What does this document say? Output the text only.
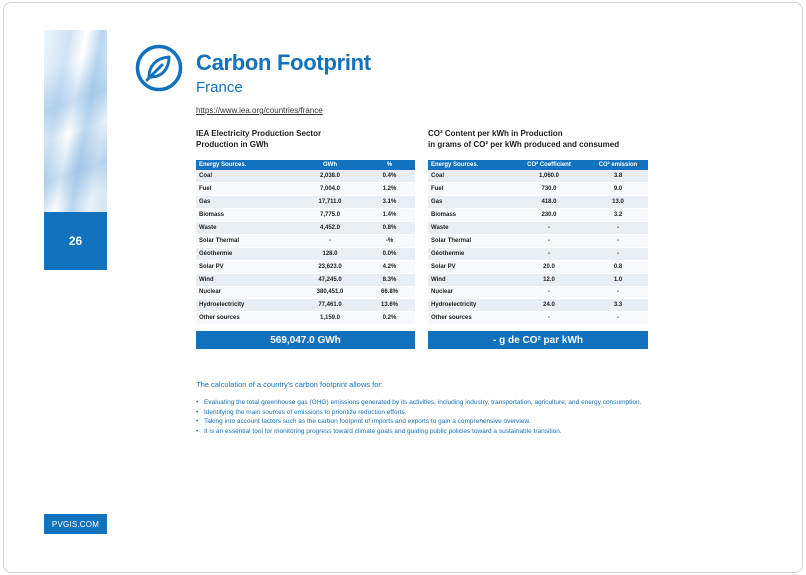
26
PVGIS.COM
Carbon Footprint
France
https://www.iea.org/countries/france
IEA Electricity Production Sector
Production in GWh
CO² Content per kWh in Production
in grams of CO² per kWh produced and consumed
Energy Sources.	GWh	%
Coal	2,038.0	0.4%
Fuel	7,004.0	1.2%
Gas	17,711.0	3.1%
Biomass	7,775.0	1.4%
Waste	4,452.0	0.8%
Solar Thermal	-	-%
Géothermie	128.0	0.0%
Solar PV	23,623.0	4.2%
Wind	47,245.0	8.3%
Nuclear	380,451.0	66.8%
Hydroelectricity	77,461.0	13.6%
Other sources	1,159.0	0.2%
Energy Sources.	CO² Coefficient	CO² emission
Coal	1,060.0	3.8
Fuel	730.0	9.0
Gas	418.0	13.0
Biomass	230.0	3.2
Waste	-	-
Solar Thermal	-	-
Géothermie	-	-
Solar PV	20.0	0.8
Wind	12.0	1.0
Nuclear	-	-
Hydroelectricity	24.0	3.3
Other sources	-	-
569,047.0 GWh	- g de CO² par kWh
The calculation of a country's carbon footprint allows for:
• Evaluating the total greenhouse gas (GHG) emissions generated by its activities, including industry, transportation, agriculture, and energy consumption.
• Identifying the main sources of emissions to prioritize reduction efforts.
• Taking into account factors such as the carbon footprint of imports and exports to gain a comprehensive overview.
• It is an essential tool for monitoring progress toward climate goals and guiding public policies toward a sustainable transition.
